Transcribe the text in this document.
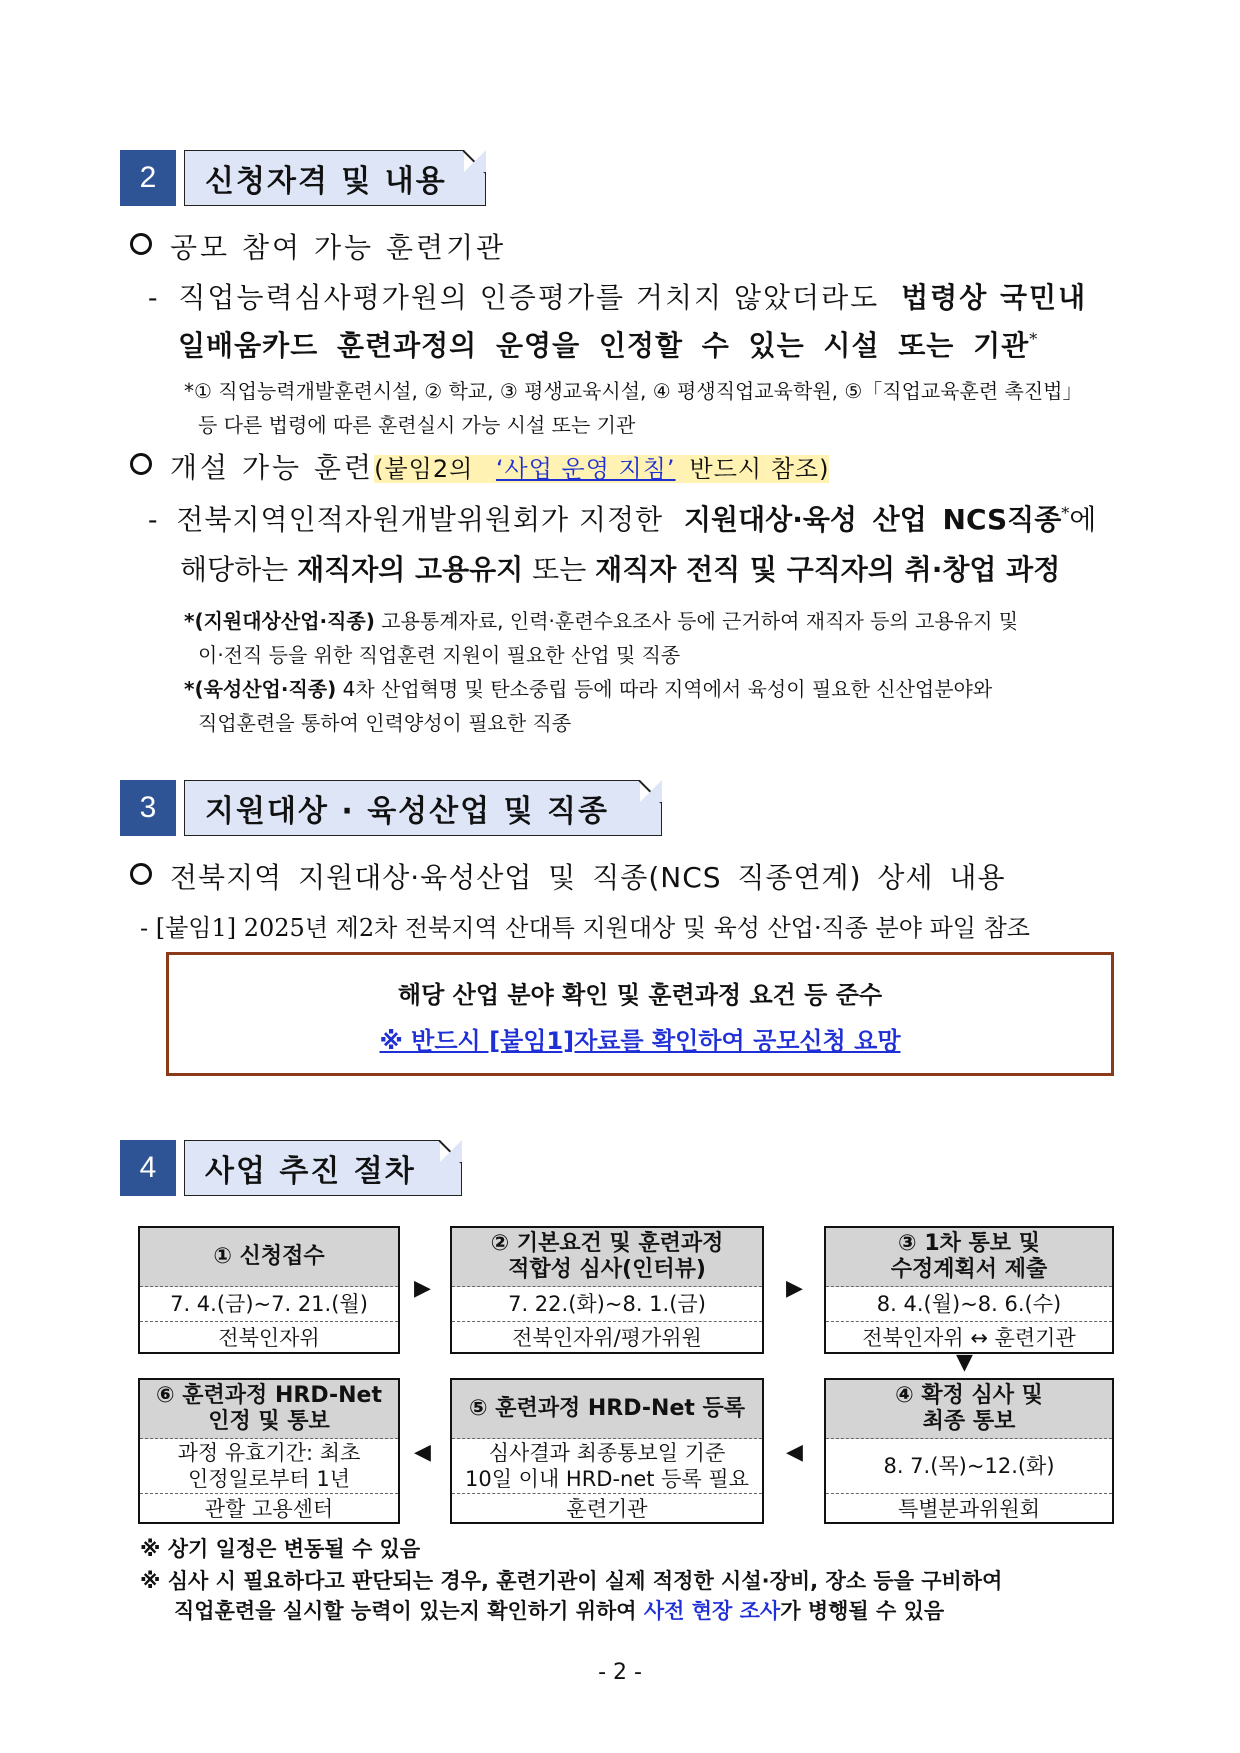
2	신청자격 및 내용
공모 참여 가능 훈련기관
- 직업능력심사평가원의 인증평가를 거치지 않았더라도 법령상 국민내
일배움카드 훈련과정의 운영을 인정할 수 있는 시설 또는 기관*
*① 직업능력개발훈련시설, ② 학교, ③ 평생교육시설, ④ 평생직업교육학원, ⑤「직업교육훈련 촉진법」
등 다른 법령에 따른 훈련실시 가능 시설 또는 기관
개설 가능 훈련(붙임2의 ‘사업 운영 지침’ 반드시 참조)
- 전북지역인적자원개발위원회가 지정한 지원대상·육성 산업 NCS직종*에
해당하는 재직자의 고용유지 또는 재직자 전직 및 구직자의 취·창업 과정
*(지원대상산업·직종) 고용통계자료, 인력·훈련수요조사 등에 근거하여 재직자 등의 고용유지 및
이·전직 등을 위한 직업훈련 지원이 필요한 산업 및 직종
*(육성산업·직종) 4차 산업혁명 및 탄소중립 등에 따라 지역에서 육성이 필요한 신산업분야와
직업훈련을 통하여 인력양성이 필요한 직종
3	지원대상 · 육성산업 및 직종
전북지역 지원대상·육성산업 및 직종(NCS 직종연계) 상세 내용
- [붙임1] 2025년 제2차 전북지역 산대특 지원대상 및 육성 산업·직종 분야 파일 참조
해당 산업 분야 확인 및 훈련과정 요건 등 준수
※ 반드시 [붙임1]자료를 확인하여 공모신청 요망
4	사업 추진 절차
① 신청접수
7. 4.(금)~7. 21.(월)
전북인자위
▶
② 기본요건 및 훈련과정
적합성 심사(인터뷰)
7. 22.(화)~8. 1.(금)
전북인자위/평가위원
▶
③ 1차 통보 및
수정계획서 제출
8. 4.(월)~8. 6.(수)
전북인자위 ↔ 훈련기관
▼
⑥ 훈련과정 HRD-Net
인정 및 통보
과정 유효기간: 최초
인정일로부터 1년
관할 고용센터
◀
⑤ 훈련과정 HRD-Net 등록
심사결과 최종통보일 기준
10일 이내 HRD-net 등록 필요
훈련기관
◀
④ 확정 심사 및
최종 통보
8. 7.(목)~12.(화)
특별분과위원회
※ 상기 일정은 변동될 수 있음
※ 심사 시 필요하다고 판단되는 경우, 훈련기관이 실제 적정한 시설·장비, 장소 등을 구비하여
직업훈련을 실시할 능력이 있는지 확인하기 위하여 사전 현장 조사가 병행될 수 있음
- 2 -
